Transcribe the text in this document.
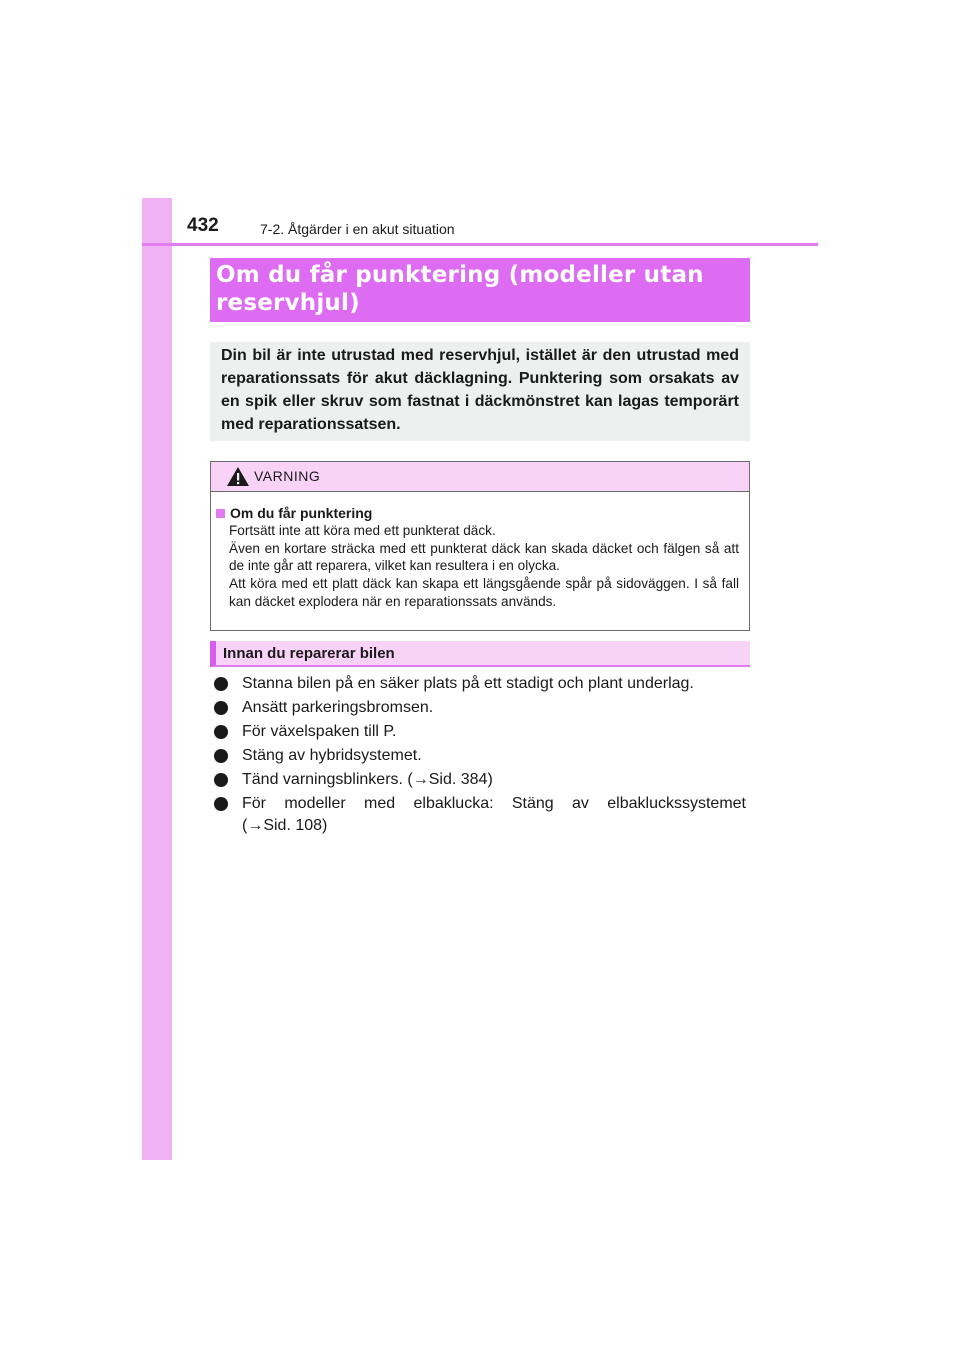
432	7-2. Åtgärder i en akut situation
Om du får punktering (modeller utan reservhjul)
Din bil är inte utrustad med reservhjul, istället är den utrustad med reparationssats för akut däcklagning. Punktering som orsakats av en spik eller skruv som fastnat i däckmönstret kan lagas temporärt med reparationssatsen.
VARNING
Om du får punktering

Fortsätt inte att köra med ett punkterat däck.

Även en kortare sträcka med ett punkterat däck kan skada däcket och fälgen så att de inte går att reparera, vilket kan resultera i en olycka.

Att köra med ett platt däck kan skapa ett längsgående spår på sidoväggen. I så fall kan däcket explodera när en reparationssats används.

Innan du reparerar bilen
Stanna bilen på en säker plats på ett stadigt och plant underlag.
Ansätt parkeringsbromsen.
För växelspaken till P.
Stäng av hybridsystemet.
Tänd varningsblinkers. (→Sid. 384)
För modeller med elbaklucka: Stäng av elbakluckssystemet
(→Sid. 108)
